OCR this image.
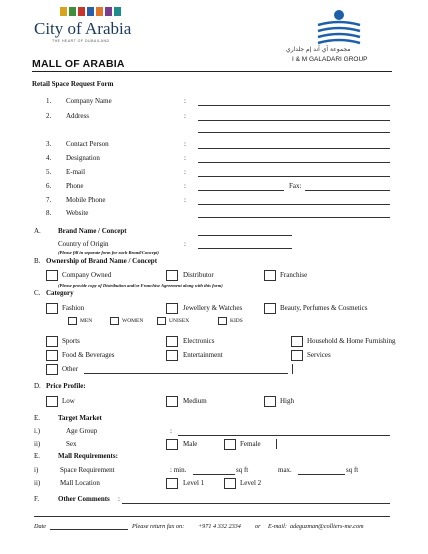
City of Arabia
THE HEART OF DUBAILAND
مجموعة آي آند إم جلداري
I & M GALADARI GROUP
MALL OF ARABIA
Retail Space Request Form
1. Company Name	:
2. Address	:
3. Contact Person	:
4. Designation	:
5. E-mail	:
6. Phone	:	Fax:
7. Mobile Phone	:
8. Website
A. Brand Name / Concept
Country of Origin	:
(Please fill in separate form for each Brand/Concept)
B. Ownership of Brand Name / Concept
Company Owned	Distributor	Franchise
(Please provide copy of Distribution and/or Franchise Agreement along with this form)
C. Category
Fashion	Jewellery & Watches	Beauty, Perfumes & Cosmetics
MEN	WOMEN	UNISEX	KIDS
Sports	Electronics	Household & Home Furnishing
Food & Beverages	Entertainment	Services
Other
D. Price Profile:
Low	Medium	High
E.	Target Market
i.)	Age Group	:
ii)	Sex	Male	Female
E.	Mall Requirements:
i)	Space Requirement	: min.	sq ft	max.	sq ft
ii)	Mall Location	Level 1	Level 2
F.	Other Comments :
Date	Please return fax on: +971 4 332 2334 or E-mail: adeguzman@colliers-me.com
